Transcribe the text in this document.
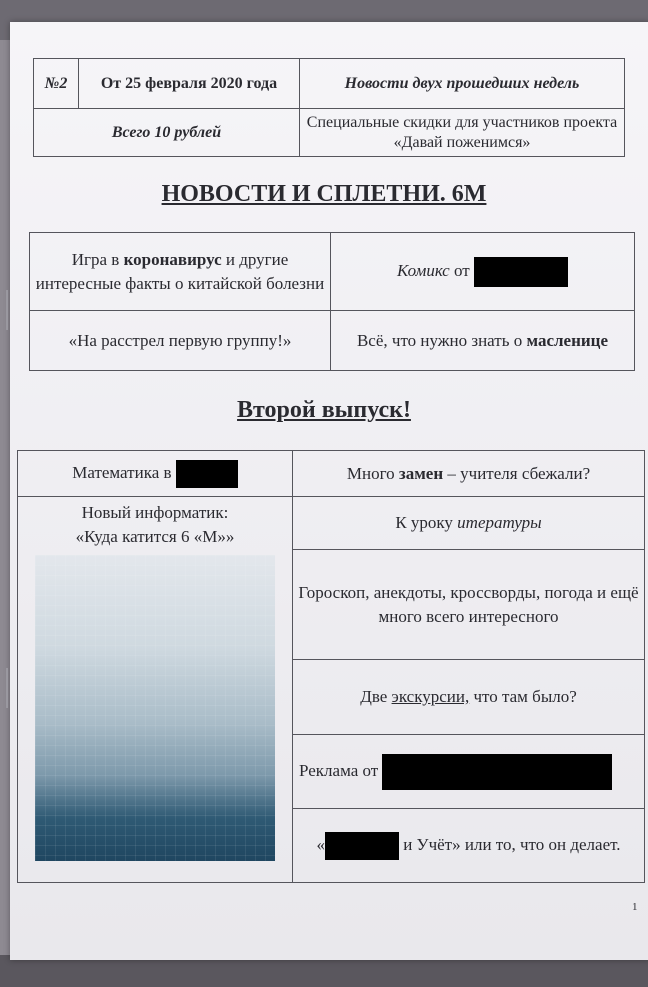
№2	От 25 февраля 2020 года	Новости двух прошедших недель
Всего 10 рублей		Специальные скидки для участников проекта «Давай поженимся»
НОВОСТИ И СПЛЕТНИ. 6М
Игра в коронавирус и другие интересные факты о китайской болезни	Комикс от
«На расстрел первую группу!»	Всё, что нужно знать о масленице
Второй выпуск!
Математика в	Много замен – учителя сбежали?

Новый информатик:
«Куда катится 6 «М»»	К уроку итературы
	Гороскоп, анекдоты, кроссворды, погода и ещё много всего интересного
	Две экскурсии, что там было?
	Реклама от
	« и Учёт» или то, что он делает.
1
